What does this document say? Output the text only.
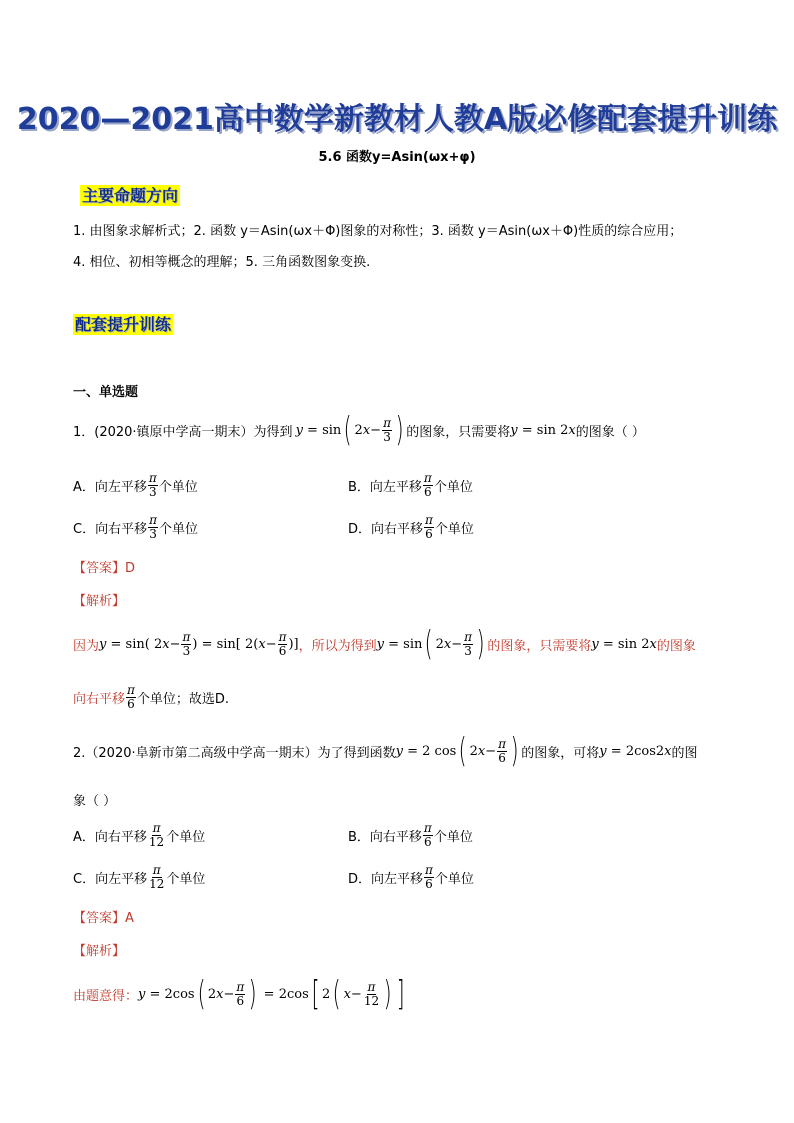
2020—2021高中数学新教材人教A版必修配套提升训练
5.6 函数y=Asin(ωx+φ)
主要命题方向
1. 由图象求解析式；2. 函数 y＝Asin(ωx＋Φ)图象的对称性；3. 函数 y＝Asin(ωx＋Φ)性质的综合应用；
4. 相位、初相等概念的理解；5. 三角函数图象变换.
配套提升训练
一、单选题
1．(2020·镇原中学高一期末）为得到 y = sin ( 2 $x - \frac{\pi}{3}$ ) 的图象，只需要将 y = sin 2 x 的图象（ ）
A．向左平移 $\frac{\pi}{3}$ 个单位	B．向左平移 $\frac{\pi}{6}$ 个单位
C．向右平移 $\frac{\pi}{3}$ 个单位	D．向右平移 $\frac{\pi}{6}$ 个单位
【答案】D
【解析】
因为 y = sin( 2 $x - \frac{\pi}{3}$ ) = sin[ 2( $x - \frac{\pi}{6}$ )] ，所以为得到 y = sin ( 2 $x - \frac{\pi}{3}$ ) 的图象，只需要将 y = sin 2 x 的图象
向右平移 $\frac{\pi}{6}$ 个单位；故选D.
2.（2020·阜新市第二高级中学高一期末）为了得到函数 y = 2 cos ( 2 $x - \frac{\pi}{6}$ ) 的图象，可将 y = 2cos2 x 的图
象（ ）
A．向右平移 $\frac{\pi}{12}$ 个单位	B．向右平移 $\frac{\pi}{6}$ 个单位
C．向左平移 $\frac{\pi}{12}$ 个单位	D．向左平移 $\frac{\pi}{6}$ 个单位
【答案】A
【解析】
由题意得： y = 2cos ( 2 $x - \frac{\pi}{6}$ ) = 2cos [ 2 ( $x - \frac{\pi}{12}$ ) ]
